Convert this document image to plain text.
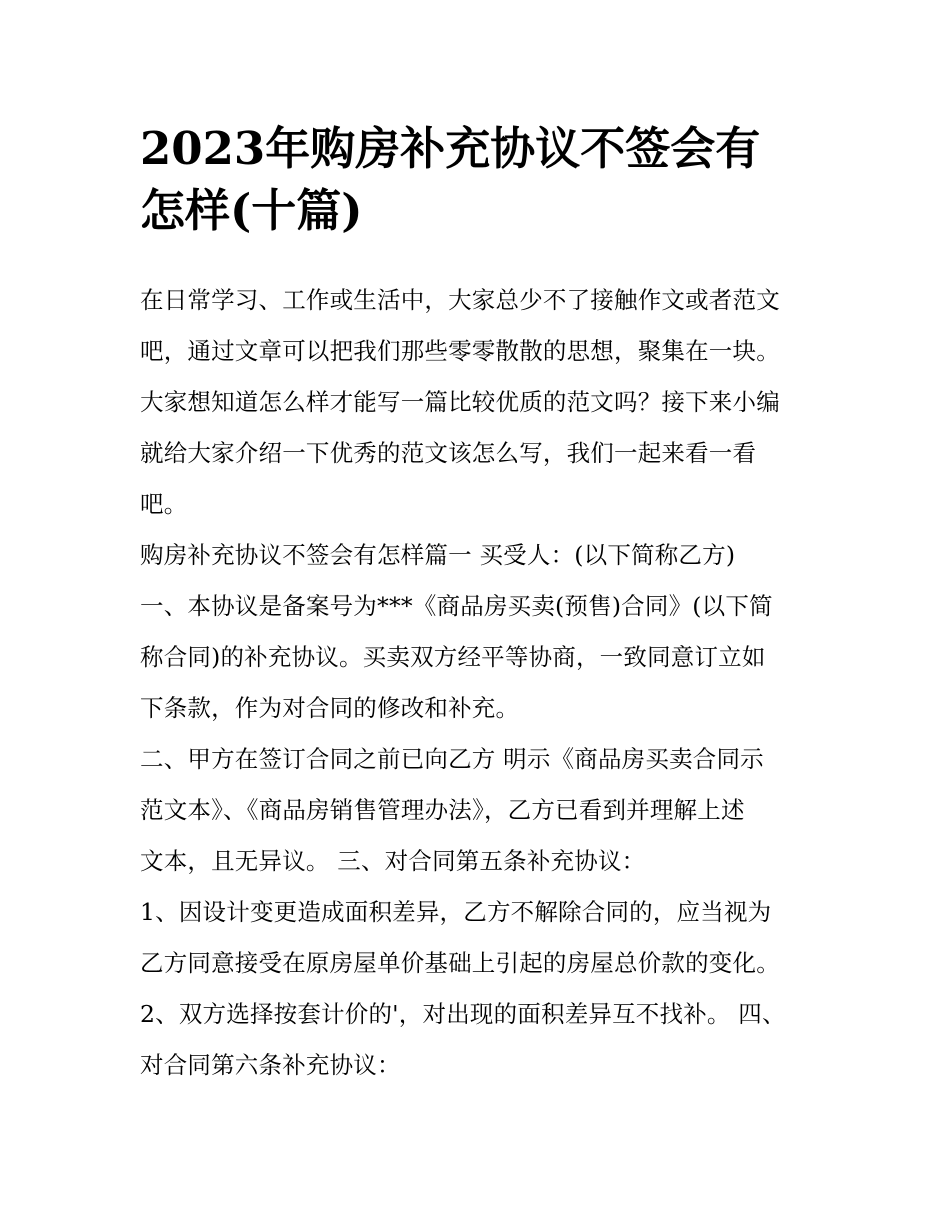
2023年购房补充协议不签会有
怎样(十篇)

在日常学习、工作或生活中，大家总少不了接触作文或者范文
吧，通过文章可以把我们那些零零散散的思想，聚集在一块。
大家想知道怎么样才能写一篇比较优质的范文吗？接下来小编
就给大家介绍一下优秀的范文该怎么写，我们一起来看一看
吧。

购房补充协议不签会有怎样篇一 买受人：(以下简称乙方)

一、本协议是备案号为***《商品房买卖(预售)合同》(以下简
称合同)的补充协议。买卖双方经平等协商，一致同意订立如
下条款，作为对合同的修改和补充。

二、甲方在签订合同之前已向乙方 明示《商品房买卖合同示
范文本》、《商品房销售管理办法》，乙方已看到并理解上述
文本，且无异议。 三、对合同第五条补充协议：

1、因设计变更造成面积差异，乙方不解除合同的，应当视为
乙方同意接受在原房屋单价基础上引起的房屋总价款的变化。

2、双方选择按套计价的'，对出现的面积差异互不找补。 四、
对合同第六条补充协议：
